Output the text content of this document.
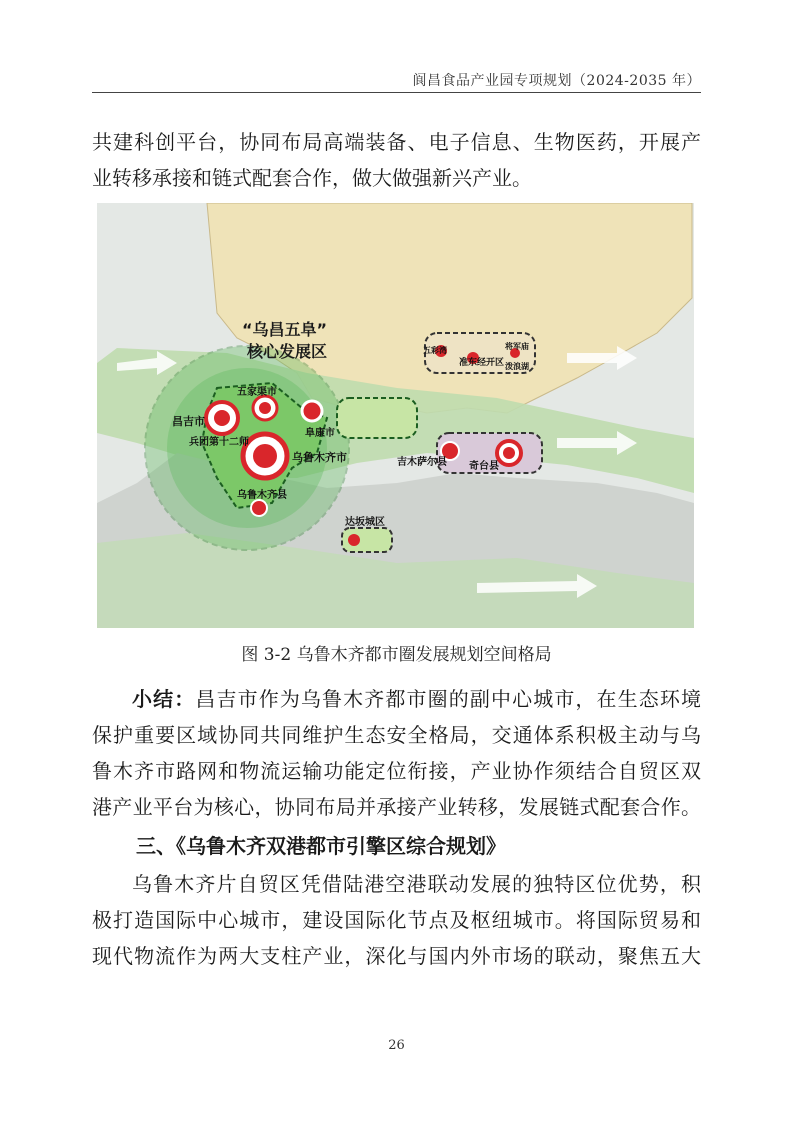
阆昌食品产业园专项规划（2024-2035 年）
共建科创平台，协同布局高端装备、电子信息、生物医药，开展产
业转移承接和链式配套合作，做大做强新兴产业。
“乌昌五阜”
核心发展区
昌吉市
五家渠市
阜康市
兵团第十二师
乌鲁木齐市
乌鲁木齐县
吉木萨尔县 奇台县
达坂城区
准东经开区
五彩湾	将军庙
泼浪湖
图 3-2 乌鲁木齐都市圈发展规划空间格局
小结：昌吉市作为乌鲁木齐都市圈的副中心城市，在生态环境
保护重要区域协同共同维护生态安全格局，交通体系积极主动与乌
鲁木齐市路网和物流运输功能定位衔接，产业协作须结合自贸区双
港产业平台为核心，协同布局并承接产业转移，发展链式配套合作。
三、《乌鲁木齐双港都市引擎区综合规划》
乌鲁木齐片自贸区凭借陆港空港联动发展的独特区位优势，积
极打造国际中心城市，建设国际化节点及枢纽城市。将国际贸易和
现代物流作为两大支柱产业，深化与国内外市场的联动，聚焦五大
26
